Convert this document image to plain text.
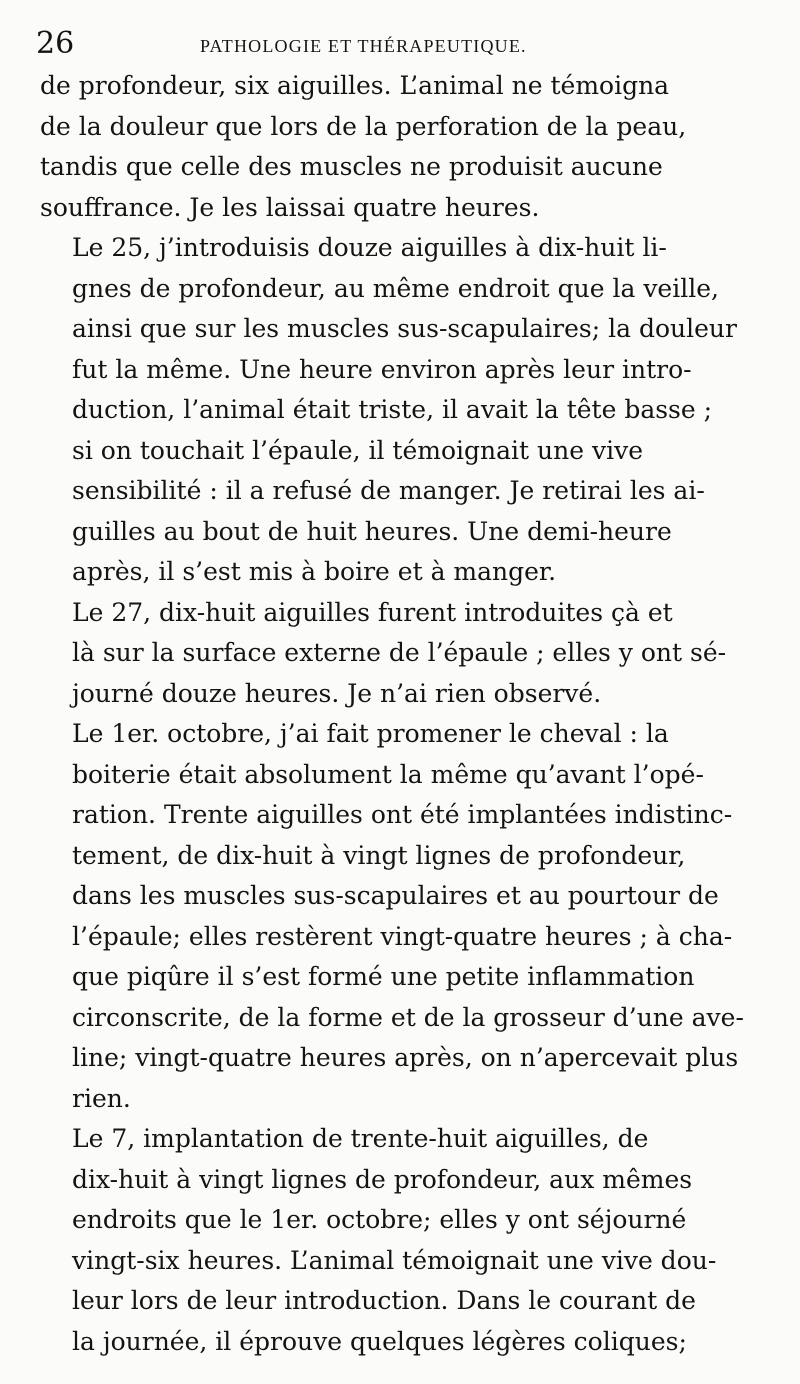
26	PATHOLOGIE ET THÉRAPEUTIQUE.

de profondeur, six aiguilles. L’animal ne témoigna
de la douleur que lors de la perforation de la peau,
tandis que celle des muscles ne produisit aucune
souffrance. Je les laissai quatre heures.

Le 25, j’introduisis douze aiguilles à dix-huit li-
gnes de profondeur, au même endroit que la veille,
ainsi que sur les muscles sus-scapulaires; la douleur
fut la même. Une heure environ après leur intro-
duction, l’animal était triste, il avait la tête basse ;
si on touchait l’épaule, il témoignait une vive
sensibilité : il a refusé de manger. Je retirai les ai-
guilles au bout de huit heures. Une demi-heure
après, il s’est mis à boire et à manger.

Le 27, dix-huit aiguilles furent introduites çà et
là sur la surface externe de l’épaule ; elles y ont sé-
journé douze heures. Je n’ai rien observé.

Le 1er. octobre, j’ai fait promener le cheval : la
boiterie était absolument la même qu’avant l’opé-
ration. Trente aiguilles ont été implantées indistinc-
tement, de dix-huit à vingt lignes de profondeur,
dans les muscles sus-scapulaires et au pourtour de
l’épaule; elles restèrent vingt-quatre heures ; à cha-
que piqûre il s’est formé une petite inflammation
circonscrite, de la forme et de la grosseur d’une ave-
line; vingt-quatre heures après, on n’apercevait plus
rien.

Le 7, implantation de trente-huit aiguilles, de
dix-huit à vingt lignes de profondeur, aux mêmes
endroits que le 1er. octobre; elles y ont séjourné
vingt-six heures. L’animal témoignait une vive dou-
leur lors de leur introduction. Dans le courant de
la journée, il éprouve quelques légères coliques;
